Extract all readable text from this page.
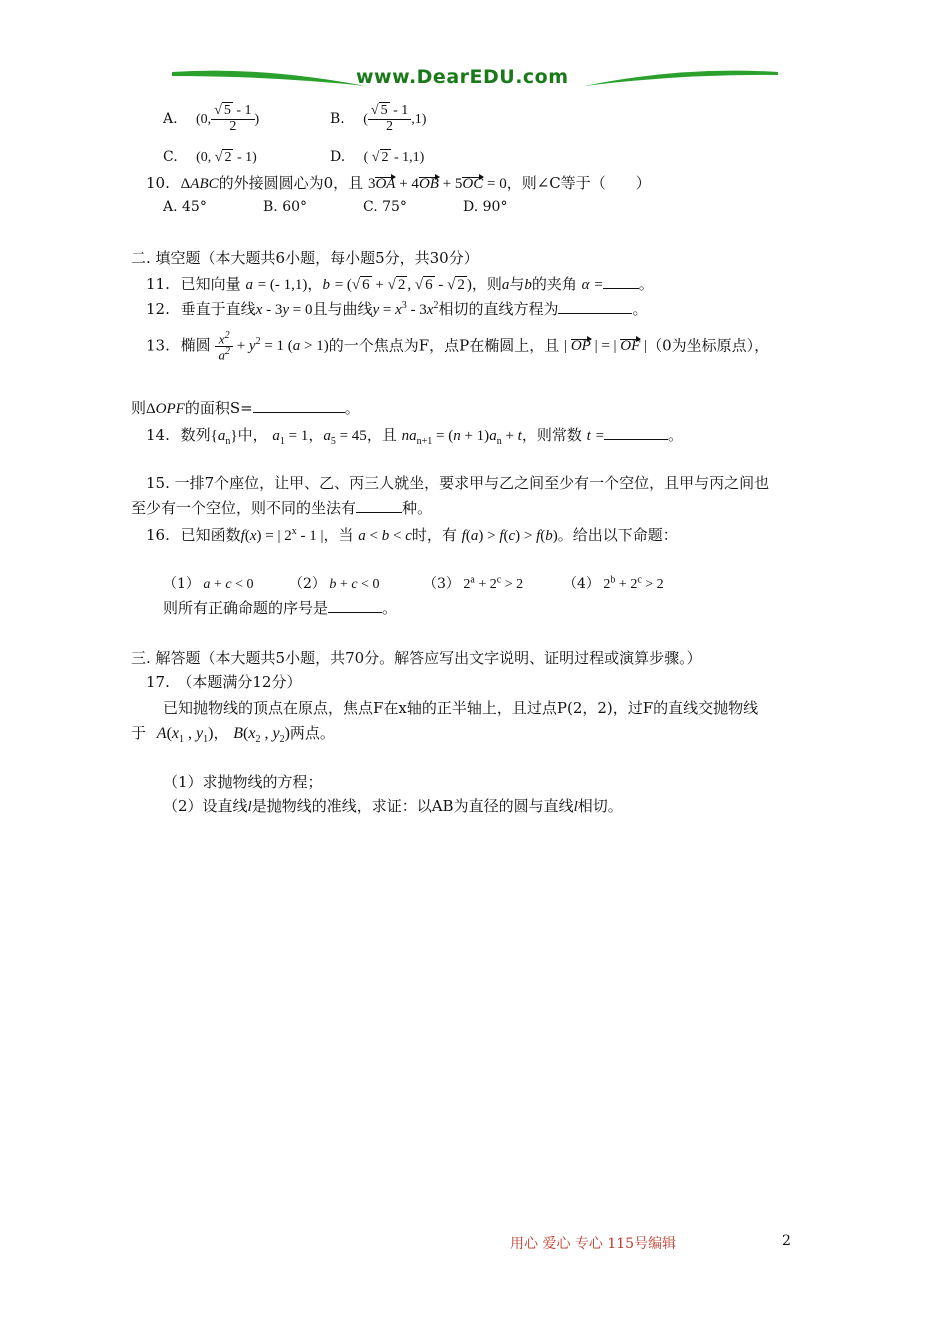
www.DearEDU.com
A. (0, $\frac{√ 5 - 1}{2}$ )	B. ( $\frac{√ 5 - 1}{2} ,1$)
C. (0, √ 2 - 1)	D. ( √ 2 - 1,1)
10. ΔABC的外接圆圆心为0，且 3OA + 4OB + 5OC = 0，则∠C等于（　　）
A. 45°	B. 60°	C. 75°	D. 90°
二. 填空题（本大题共6小题，每小题5分，共30分）
11. 已知向量 a = (- 1,1)，b = (√ 6 + √ 2 , √ 6 - √ 2 )，则a与b的夹角 α = 。
12. 垂直于直线x - 3y = 0且与曲线$y = x^3 - 3x^2$相切的直线方程为	。
13. 椭圆 $\frac{x^2}{a^2} + y^2 = 1$ (a > 1)的一个焦点为F，点P在椭圆上，且 | OP | = | OF |（0为坐标原点），
则ΔOPF的面积S=	。
14. 数列$\{a_n\}$中， $a_1 = 1$，$a_5 = 45$，且 $na_{n+1} = (n + 1)a_n + t$，则常数 t =	。
15. 一排7个座位，让甲、乙、丙三人就坐，要求甲与乙之间至少有一个空位，且甲与丙之间也
至少有一个空位，则不同的坐法有	种。
16. 已知函数f(x) = | 2$^x$ - 1 |，当 a < b < c时，有 f(a) > f(c) > f(b)。给出以下命题：
（1） a + c < 0	（2） b + c < 0	（3） $2^a + 2^c > 2$	（4） $2^b + 2^c > 2$
则所有正确命题的序号是	。
三. 解答题（本大题共5小题，共70分。解答应写出文字说明、证明过程或演算步骤。）
17.　（本题满分12分）
已知抛物线的顶点在原点，焦点F在x轴的正半轴上，且过点P(2，2)，过F的直线交抛物线
于 $A(x_1$ , $y_1$)， $B(x_2$ , $y_2$)两点。
（1）求抛物线的方程；
（2）设直线l是抛物线的准线，求证：以AB为直径的圆与直线l相切。
用心 爱心 专心 115号编辑	2
